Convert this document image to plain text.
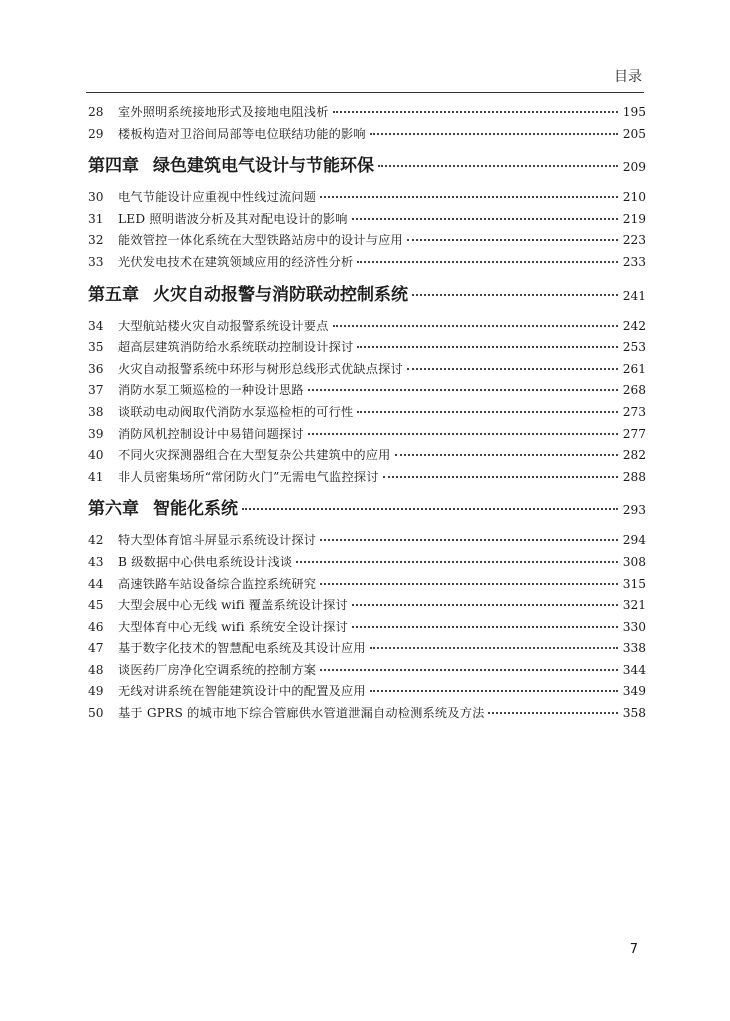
目录
28	室外照明系统接地形式及接地电阻浅析	195
29	楼板构造对卫浴间局部等电位联结功能的影响	205
第四章 绿色建筑电气设计与节能环保	209
30	电气节能设计应重视中性线过流问题	210
31	LED 照明谐波分析及其对配电设计的影响	219
32	能效管控一体化系统在大型铁路站房中的设计与应用	223
33	光伏发电技术在建筑领域应用的经济性分析	233
第五章 火灾自动报警与消防联动控制系统	241
34	大型航站楼火灾自动报警系统设计要点	242
35	超高层建筑消防给水系统联动控制设计探讨	253
36	火灾自动报警系统中环形与树形总线形式优缺点探讨	261
37	消防水泵工频巡检的一种设计思路	268
38	谈联动电动阀取代消防水泵巡检柜的可行性	273
39	消防风机控制设计中易错问题探讨	277
40	不同火灾探测器组合在大型复杂公共建筑中的应用	282
41	非人员密集场所“常闭防火门”无需电气监控探讨	288
第六章 智能化系统	293
42	特大型体育馆斗屏显示系统设计探讨	294
43	B 级数据中心供电系统设计浅谈	308
44	高速铁路车站设备综合监控系统研究	315
45	大型会展中心无线 wifi 覆盖系统设计探讨	321
46	大型体育中心无线 wifi 系统安全设计探讨	330
47	基于数字化技术的智慧配电系统及其设计应用	338
48	谈医药厂房净化空调系统的控制方案	344
49	无线对讲系统在智能建筑设计中的配置及应用	349
50	基于 GPRS 的城市地下综合管廊供水管道泄漏自动检测系统及方法	358
7
